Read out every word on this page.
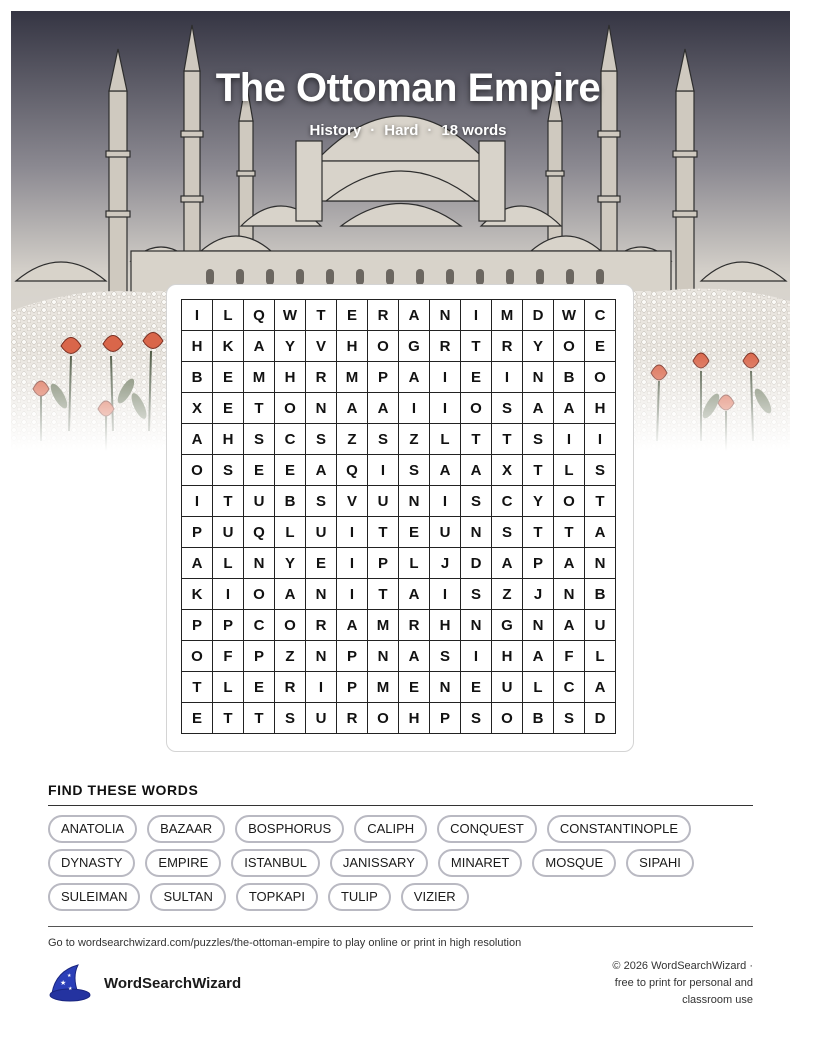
The Ottoman Empire
History · Hard · 18 words
I	L	Q	W	T	E	R	A	N	I	M	D	W	C
H	K	A	Y	V	H	O	G	R	T	R	Y	O	E
B	E	M	H	R	M	P	A	I	E	I	N	B	O
X	E	T	O	N	A	A	I	I	O	S	A	A	H
A	H	S	C	S	Z	S	Z	L	T	T	S	I	I
O	S	E	E	A	Q	I	S	A	A	X	T	L	S
I	T	U	B	S	V	U	N	I	S	C	Y	O	T
P	U	Q	L	U	I	T	E	U	N	S	T	T	A
A	L	N	Y	E	I	P	L	J	D	A	P	A	N
K	I	O	A	N	I	T	A	I	S	Z	J	N	B
P	P	C	O	R	A	M	R	H	N	G	N	A	U
O	F	P	Z	N	P	N	A	S	I	H	A	F	L
T	L	E	R	I	P	M	E	N	E	U	L	C	A
E	T	T	S	U	R	O	H	P	S	O	B	S	D
FIND THESE WORDS
ANATOLIA	BAZAAR	BOSPHORUS	CALIPH	CONQUEST	CONSTANTINOPLE
DYNASTY	EMPIRE	ISTANBUL	JANISSARY	MINARET	MOSQUE	SIPAHI
SULEIMAN	SULTAN	TOPKAPI	TULIP	VIZIER
Go to wordsearchwizard.com/puzzles/the-ottoman-empire to play online or print in high resolution
★
★
★ WordSearchWizard
© 2026 WordSearchWizard ·
free to print for personal and
classroom use
